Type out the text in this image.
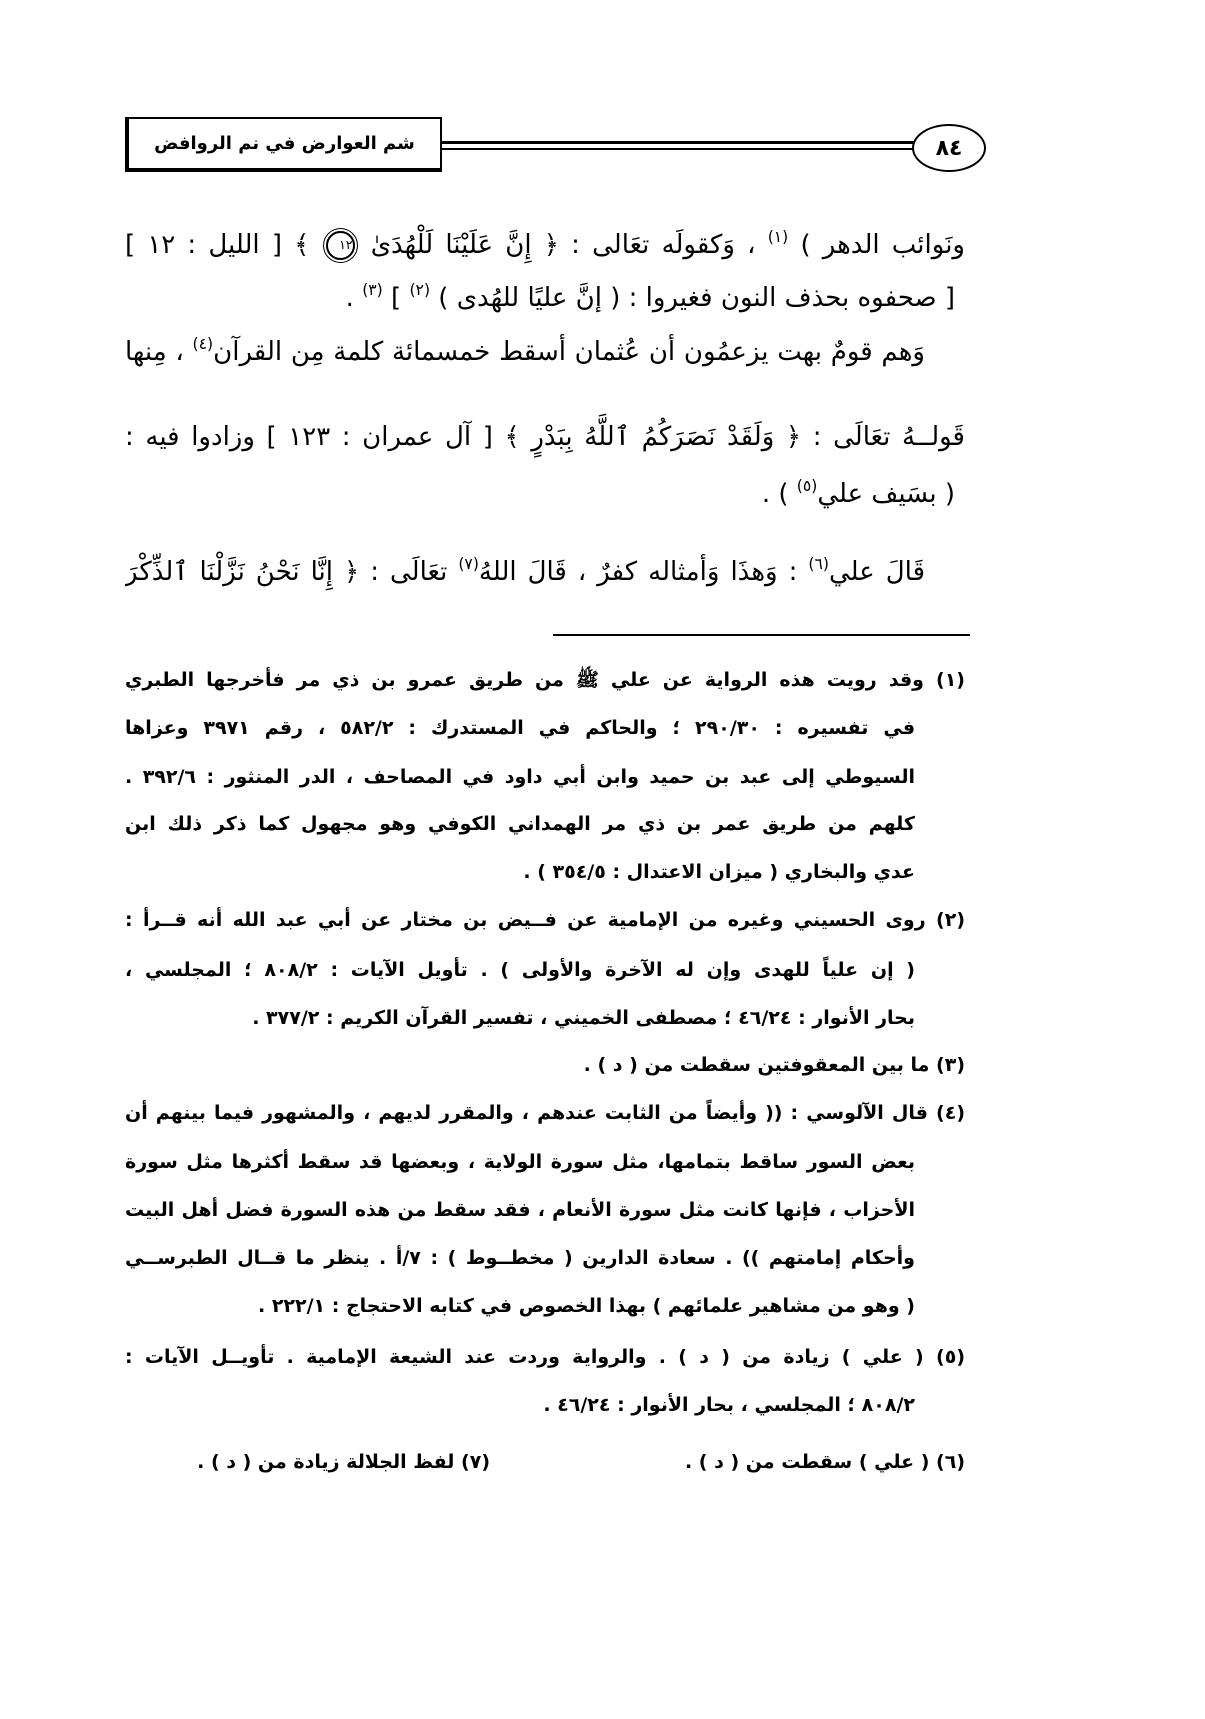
شم العوارض في نم الروافض	٨٤
ونَوائب الدهر ) $^{(١)}$ ، وَكقولَه تعَالى : ﴿ إِنَّ عَلَيْنَا لَلْهُدَىٰ ١٢ ﴾ [ الليل : ١٢ ]
[ صحفوه بحذف النون فغيروا : ( إنَّ عليًا للهُدى ) $^{(٢)}$ ] $^{(٣)}$ .
وَهم قومٌ بهت يزعمُون أن عُثمان أسقط خمسمائة كلمة مِن القرآن$^{(٤)}$ ، مِنها
قَولــهُ تعَالَى : ﴿ وَلَقَدْ نَصَرَكُمُ ٱللَّهُ بِبَدْرٍ ﴾ [ آل عمران : ١٢٣ ] وزادوا فيه :
( بسَيف علي$^{(٥)}$ ) .
قَالَ علي$^{(٦)}$ : وَهذَا وَأمثاله كفرٌ ، قَالَ اللهُ$^{(٧)}$ تعَالَى : ﴿ إِنَّا نَحْنُ نَزَّلْنَا ٱلذِّكْرَ
(١) وقد رويت هذه الرواية عن علي ﷺ من طريق عمرو بن ذي مر فأخرجها الطبري
في تفسيره : ٢٩٠/٣٠ ؛ والحاكم في المستدرك : ٥٨٢/٢ ، رقم ٣٩٧١ وعزاها
السيوطي إلى عبد بن حميد وابن أبي داود في المصاحف ، الدر المنثور : ٣٩٢/٦ .
كلهم من طريق عمر بن ذي مر الهمداني الكوفي وهو مجهول كما ذكر ذلك ابن
عدي والبخاري ( ميزان الاعتدال : ٣٥٤/٥ ) .
(٢) روى الحسيني وغيره من الإمامية عن فــيض بن مختار عن أبي عبد الله أنه قــرأ :
( إن علياً للهدى وإن له الآخرة والأولى ) . تأويل الآيات : ٨٠٨/٢ ؛ المجلسي ،
بحار الأنوار : ٤٦/٢٤ ؛ مصطفى الخميني ، تفسير القرآن الكريم : ٣٧٧/٢ .
(٣) ما بين المعقوفتين سقطت من ( د ) .
(٤) قال الآلوسي : (( وأيضاً من الثابت عندهم ، والمقرر لديهم ، والمشهور فيما بينهم أن
بعض السور ساقط بتمامها، مثل سورة الولاية ، وبعضها قد سقط أكثرها مثل سورة
الأحزاب ، فإنها كانت مثل سورة الأنعام ، فقد سقط من هذه السورة فضل أهل البيت
وأحكام إمامتهم )) . سعادة الدارين ( مخطــوط ) : ٧/أ . ينظر ما قــال الطبرســي
( وهو من مشاهير علمائهم ) بهذا الخصوص في كتابه الاحتجاج : ٢٢٢/١ .
(٥) ( علي ) زيادة من ( د ) . والرواية وردت عند الشيعة الإمامية . تأويــل الآيات :
٨٠٨/٢ ؛ المجلسي ، بحار الأنوار : ٤٦/٢٤ .
(٦) ( علي ) سقطت من ( د ) .
(٧) لفظ الجلالة زيادة من ( د ) .
